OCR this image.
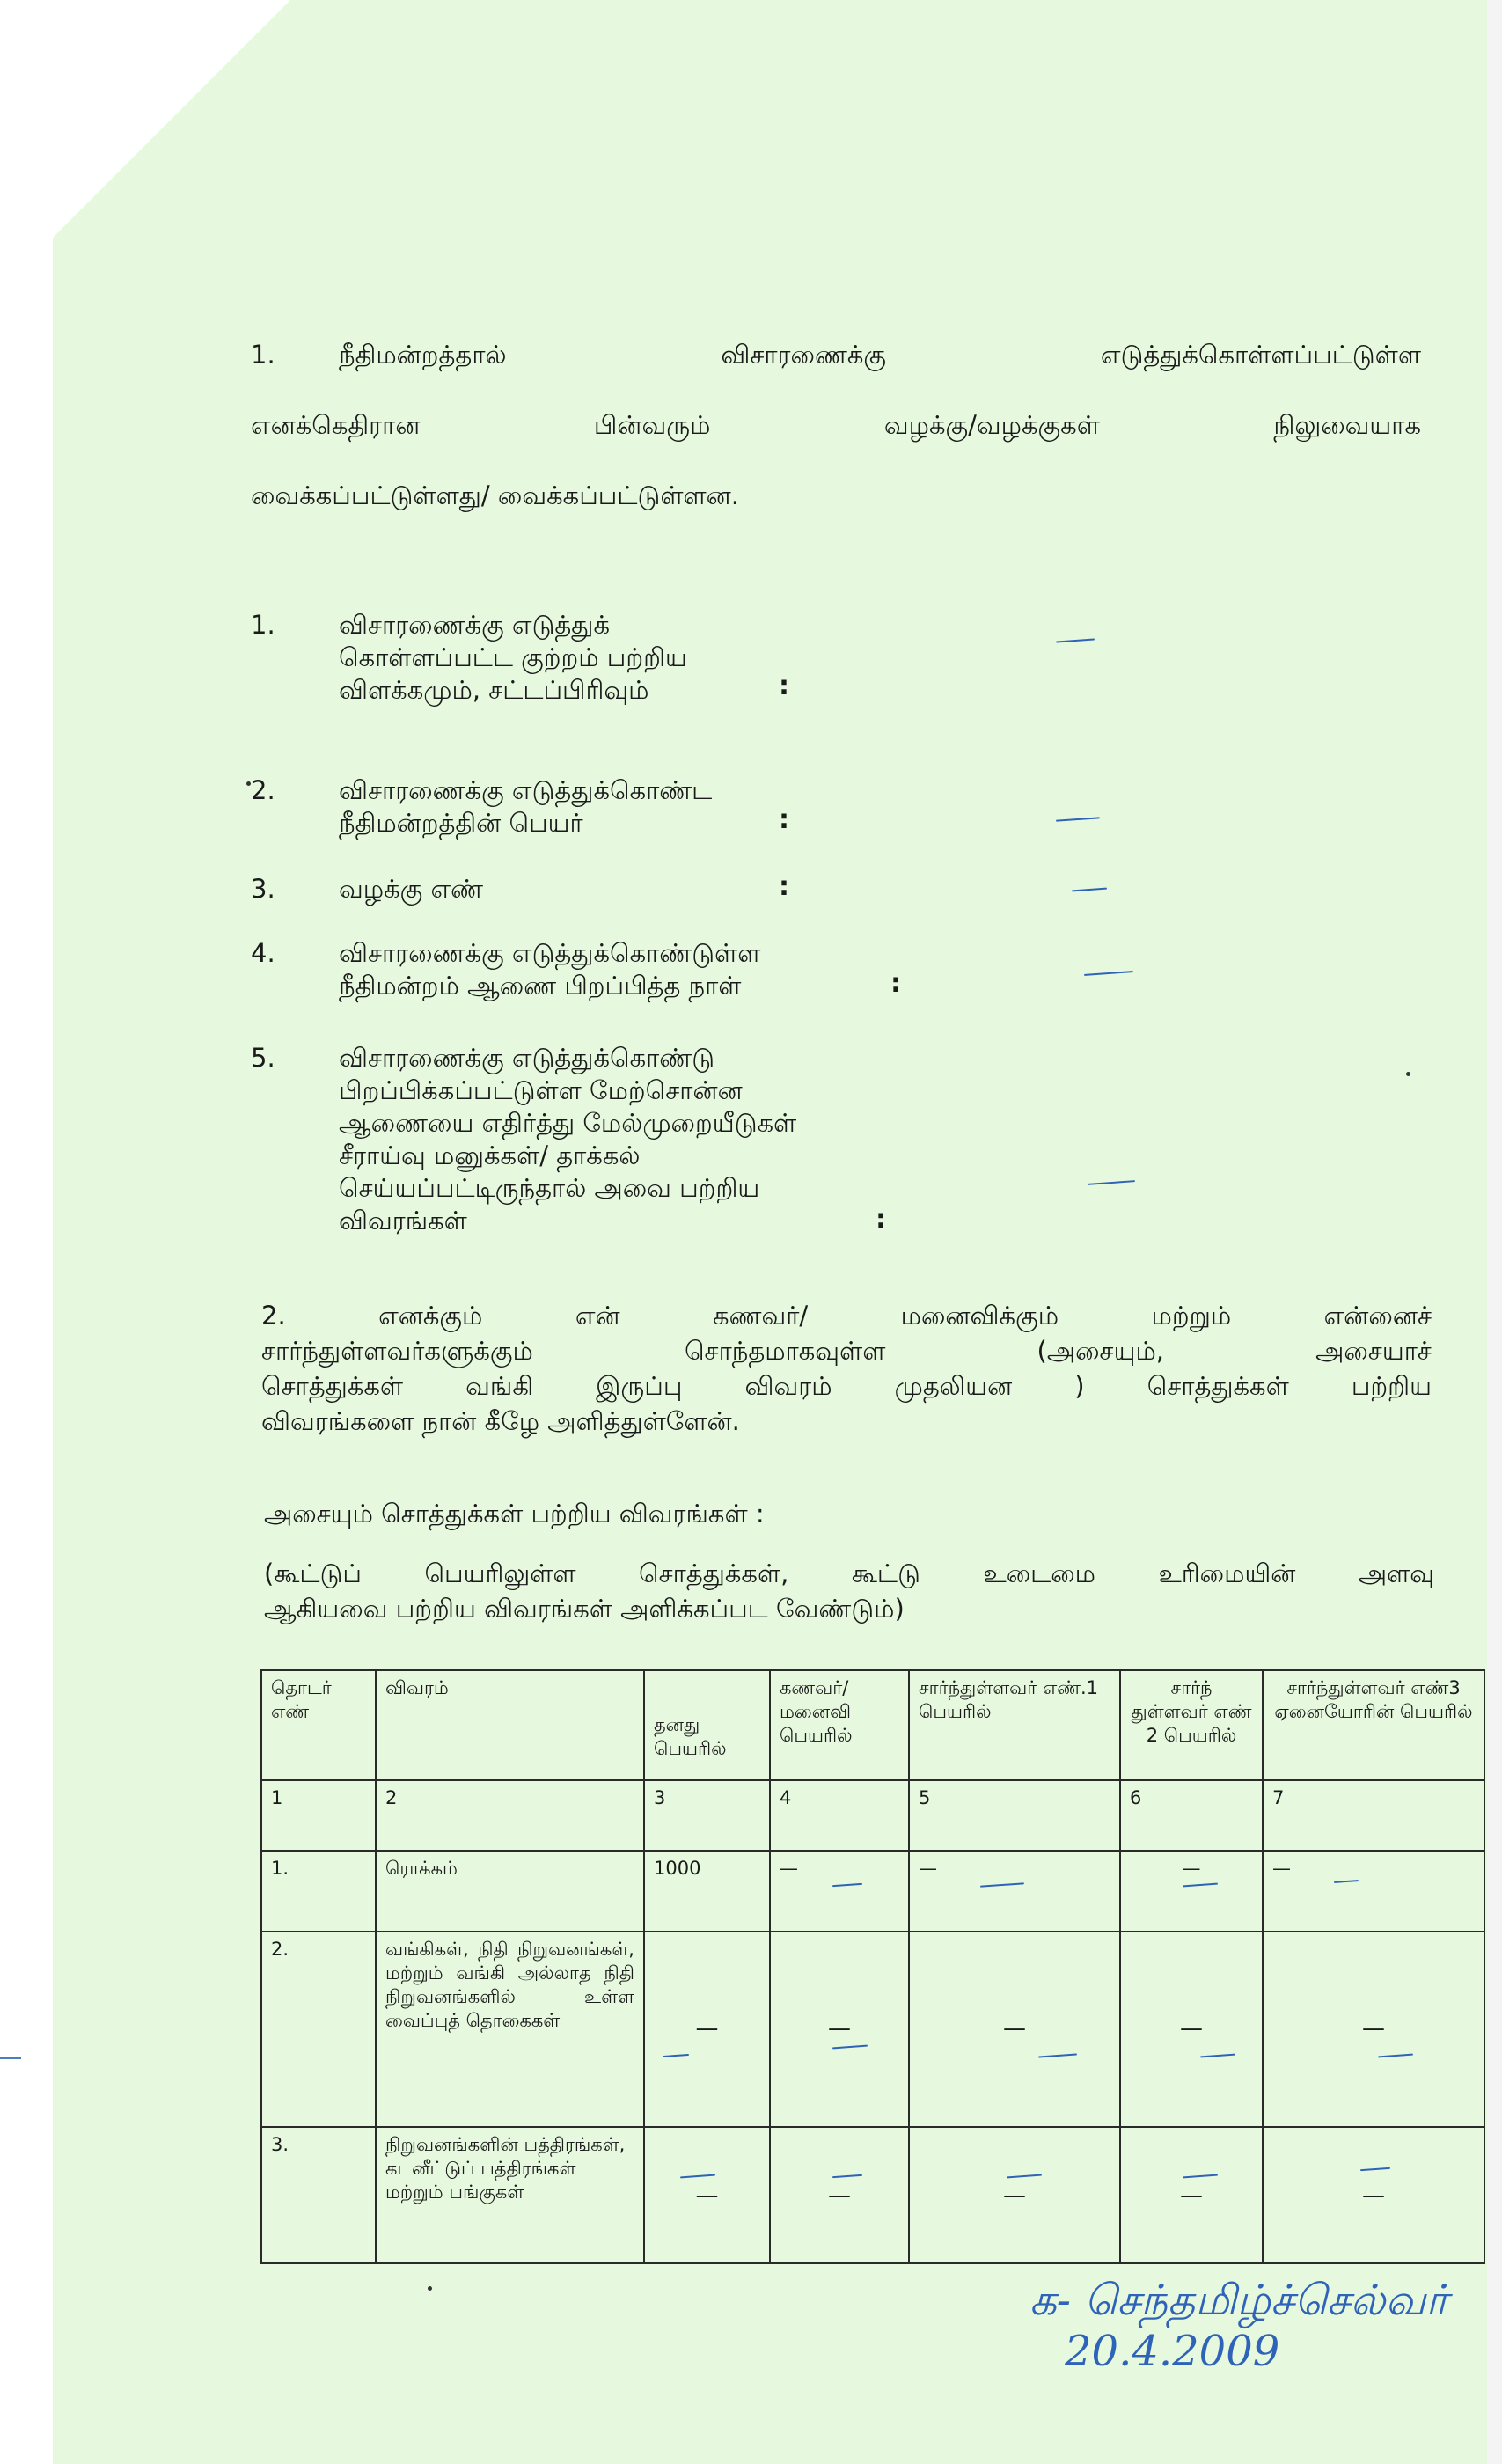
1. நீதிமன்றத்தால் விசாரணைக்கு எடுத்துக்கொள்ளப்பட்டுள்ள
எனக்கெதிரான பின்வரும் வழக்கு/வழக்குகள் நிலுவையாக
வைக்கப்பட்டுள்ளது/ வைக்கப்பட்டுள்ளன.
1. விசாரணைக்கு எடுத்துக்
கொள்ளப்பட்ட குற்றம் பற்றிய
விளக்கமும், சட்டப்பிரிவும்	:
2. விசாரணைக்கு எடுத்துக்கொண்ட
நீதிமன்றத்தின் பெயர்	:
3. வழக்கு எண்	:
4. விசாரணைக்கு எடுத்துக்கொண்டுள்ள
நீதிமன்றம் ஆணை பிறப்பித்த நாள்	:
5. விசாரணைக்கு எடுத்துக்கொண்டு
பிறப்பிக்கப்பட்டுள்ள மேற்சொன்ன
ஆணையை எதிர்த்து மேல்முறையீடுகள்
சீராய்வு மனுக்கள்/ தாக்கல்
செய்யப்பட்டிருந்தால் அவை பற்றிய
விவரங்கள்	:
2. எனக்கும் என் கணவர்/ மனைவிக்கும் மற்றும் என்னைச்
சார்ந்துள்ளவர்களுக்கும் சொந்தமாகவுள்ள (அசையும், அசையாச்
சொத்துக்கள் வங்கி இருப்பு விவரம் முதலியன ) சொத்துக்கள் பற்றிய
விவரங்களை நான் கீழே அளித்துள்ளேன்.
அசையும் சொத்துக்கள் பற்றிய விவரங்கள் :
(கூட்டுப் பெயரிலுள்ள சொத்துக்கள், கூட்டு உடைமை உரிமையின் அளவு
ஆகியவை பற்றிய விவரங்கள் அளிக்கப்பட வேண்டும்)
தொடர் எண்	விவரம்	தனது பெயரில்	கணவர்/ மனைவி பெயரில்	சார்ந்துள்ளவர் எண்.1 பெயரில்	சார்ந் துள்ளவர் எண் 2 பெயரில்	சார்ந்துள்ளவர் எண்3 ஏனையோரின் பெயரில்
1	2	3	4	5	6	7
1.	ரொக்கம்	1000	—	—	—	—

2.	வங்கிகள், நிதி நிறுவனங்கள், மற்றும் வங்கி அல்லாத நிதி நிறுவனங்களில் உள்ள வைப்புத் தொகைகள்	—	—	—	—	—

3.	நிறுவனங்களின் பத்திரங்கள், கடனீட்டுப் பத்திரங்கள் மற்றும் பங்குகள்	—	—	—	—	—
க- செந்தமிழ்ச்செல்வர்
20.4.2009
